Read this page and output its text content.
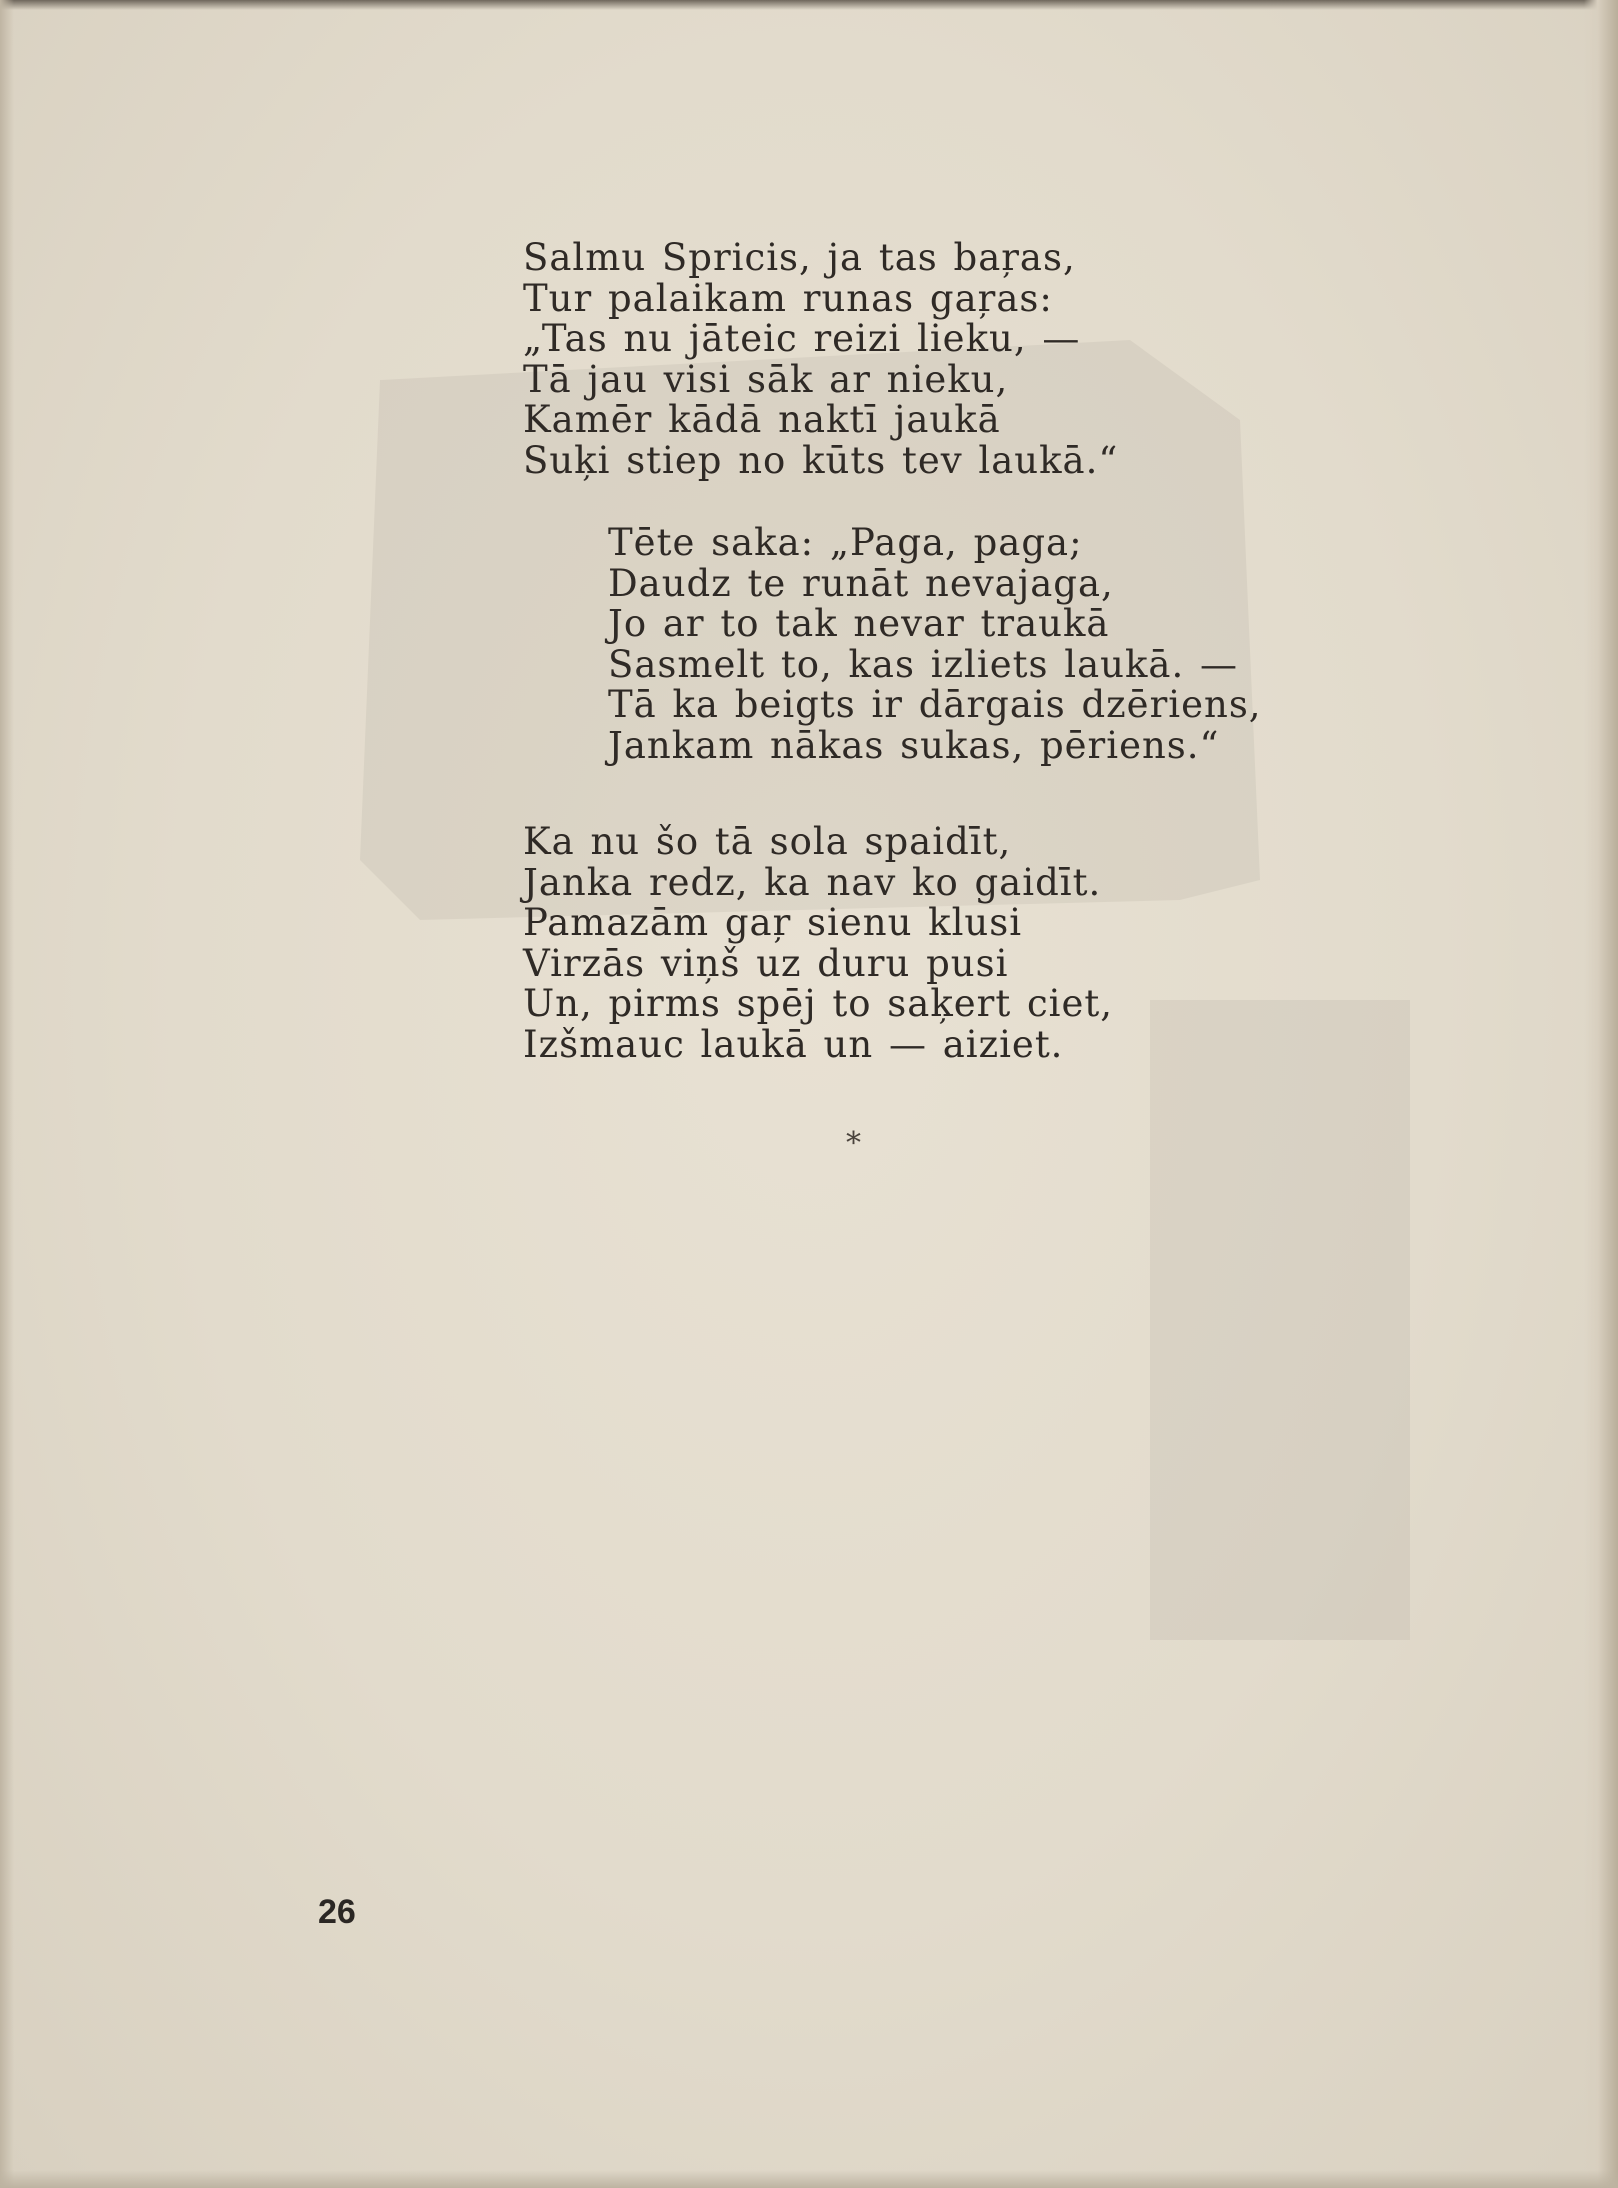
Salmu Spricis, ja tas baŗas,
Tur palaikam runas gaŗas:
„Tas nu jāteic reizi lieku, —
Tā jau visi sāk ar nieku,
Kamēr kādā naktī jaukā
Suķi stiep no kūts tev laukā.“

Tēte saka: „Paga, paga;
Daudz te runāt nevajaga,
Jo ar to tak nevar traukā
Sasmelt to, kas izliets laukā. —
Tā ka beigts ir dārgais dzēriens,
Jankam nākas sukas, pēriens.“

Ka nu šo tā sola spaidīt,
Janka redz, ka nav ko gaidīt.
Pamazām gaŗ sienu klusi
Virzās viņš uz duru pusi
Un, pirms spēj to saķert ciet,
Izšmauc laukā un — aiziet.

*
26
